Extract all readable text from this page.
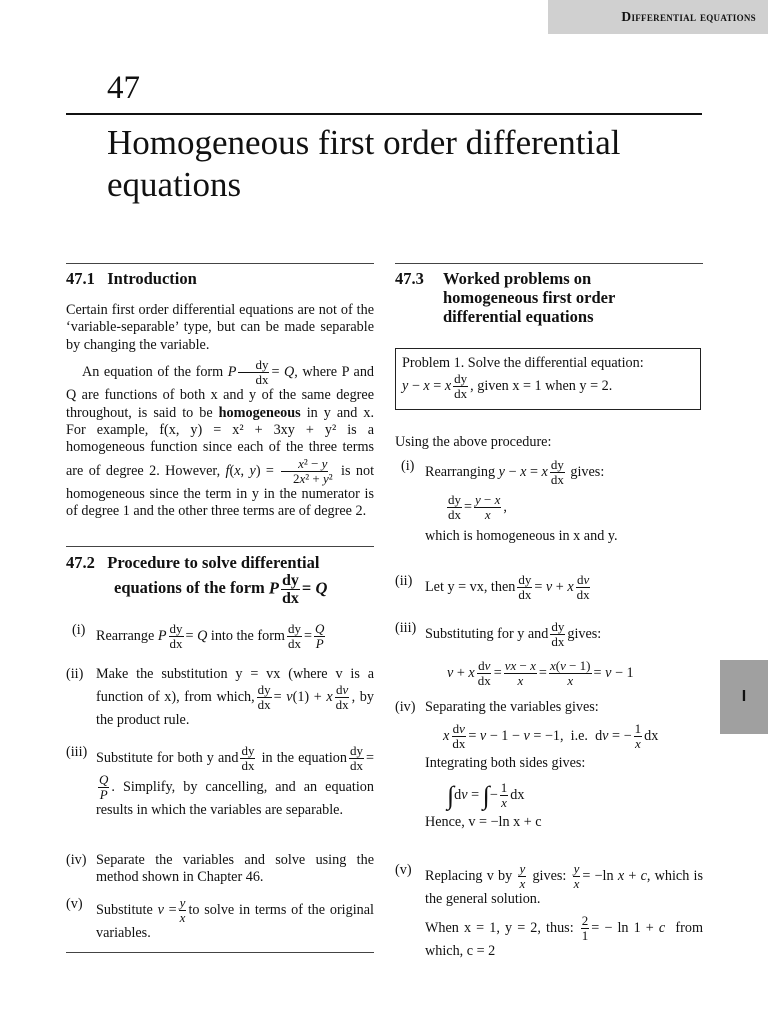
Differential equations
I
47
Homogeneous first order differential equations
47.1 Introduction

Certain first order differential equations are not of the ‘variable-separable’ type, but can be made separable by changing the variable.

An equation of the form P $\frac{dy}{dx} = Q$, where P and Q are functions of both x and y of the same degree throughout, is said to be homogeneous in y and x. For example, f(x, y) = x² + 3xy + y² is a homogeneous function since each of the three terms are of degree 2. However, f(x, $y) = \frac{\text{x² − y}}{\text{2x² + y²}}$ is not homogeneous since the term in y in the numerator is of degree 1 and the other three terms are of degree 2.

47.2 Procedure to solve differential
equations of the form P $\frac{dy}{dx} = Q$
(i) Rearrange P $\frac{dy}{dx} = Q$ into the form $\frac{dy}{dx} = \frac{Q}{P}$
(ii) Make the substitution y = vx (where v is a function of x), from which, $\frac{dy}{dx} = v(1) + x \frac{dv}{dx}$ , by the product rule.
(iii) Substitute for both y and $\frac{dy}{dx}$ in the equation $\frac{dy}{dx}$ =
$\frac{Q}{P}$ . Simplify, by cancelling, and an equation results in which the variables are separable.
(iv) Separate the variables and solve using the method shown in Chapter 46.
(v) Substitute $v = \frac{y}{x}$ to solve in terms of the original variables.
47.3 Worked problems on
homogeneous first order
differential equations
Problem 1. Solve the differential equation:
y − x = x $\frac{dy}{dx}$ , given x = 1 when y = 2.
Using the above procedure:
(i) Rearranging y − x = x $\frac{dy}{dx}$ gives:
$\frac{dy}{dx} = \frac{y - x}{x}$ ,
which is homogeneous in x and y.
(ii) Let y = vx, then $\frac{dy}{dx} = v + x \frac{dv}{dx}$
(iii) Substituting for y and $\frac{dy}{dx}$ gives:
v + x $\frac{dv}{dx} = \frac{vx - x}{x} = \frac{x(v - 1)}{x} = v - 1$
(iv) Separating the variables gives:
x $\frac{dv}{dx} = v - 1 - v = -1$,  i.e.  dv = − $\frac{1}{x}$ dx
Integrating both sides gives:
∫dv = ∫− $\frac{1}{x}$ dx
Hence, v = −ln x + c
(v) Replacing v by $\frac{y}{x}$ gives: $\frac{y}{x} = -\ln$ x + c, which is the general solution.
When x = 1, y = 2, thus: $\frac{2}{1}$ = − ln 1 + c from which, c = 2
